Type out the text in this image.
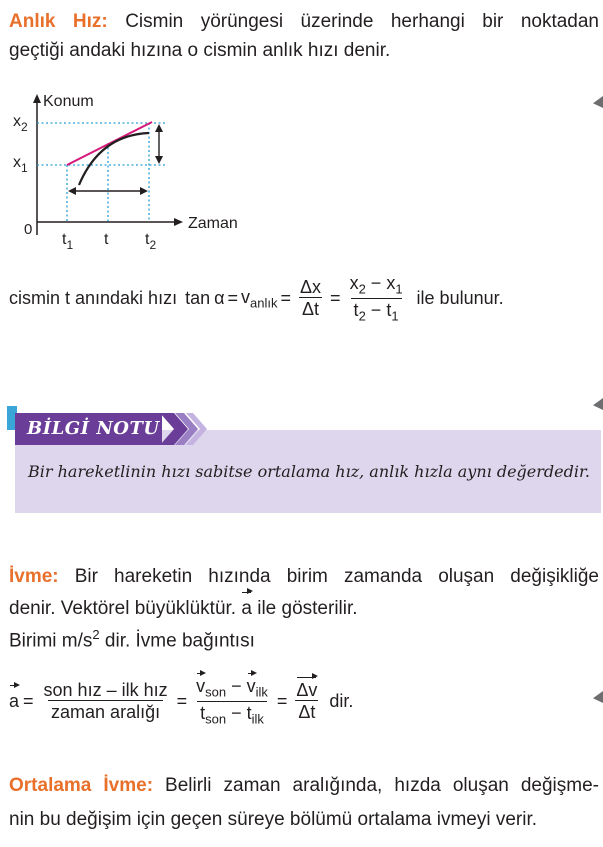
Anlık Hız: Cismin yörüngesi üzerinde herhangi bir noktadan
geçtiği andaki hızına o cismin anlık hızı denir.
Konum
Zaman
0
$x_2$
$x_1$
$t_1$ t $t_2$
cismin t anındaki hızı $\tan \alpha = v_{anlık} = \frac{\Delta x}{\Delta t} = \frac{x_2 - x_1}{t_2 - t_1}$ ile bulunur.
BİLGİ NOTU
Bir hareketlinin hızı sabitse ortalama hız, anlık hızla aynı değerdedir.
İvme: Bir hareketin hızında birim zamanda oluşan değişikliğe
denir. Vektörel büyüklüktür. a ile gösterilir.
Birimi $m/s^2$ dir. İvme bağıntısı
$a = \frac{\text{son hız – ilk hız}}{\text{zaman aralığı}} = \frac{v_{son} - v_{ilk}}{t_{son} - t_{ilk}} = \frac{\Delta v}{\Delta t}$ dir.
Ortalama İvme: Belirli zaman aralığında, hızda oluşan değişme-
nin bu değişim için geçen süreye bölümü ortalama ivmeyi verir.
